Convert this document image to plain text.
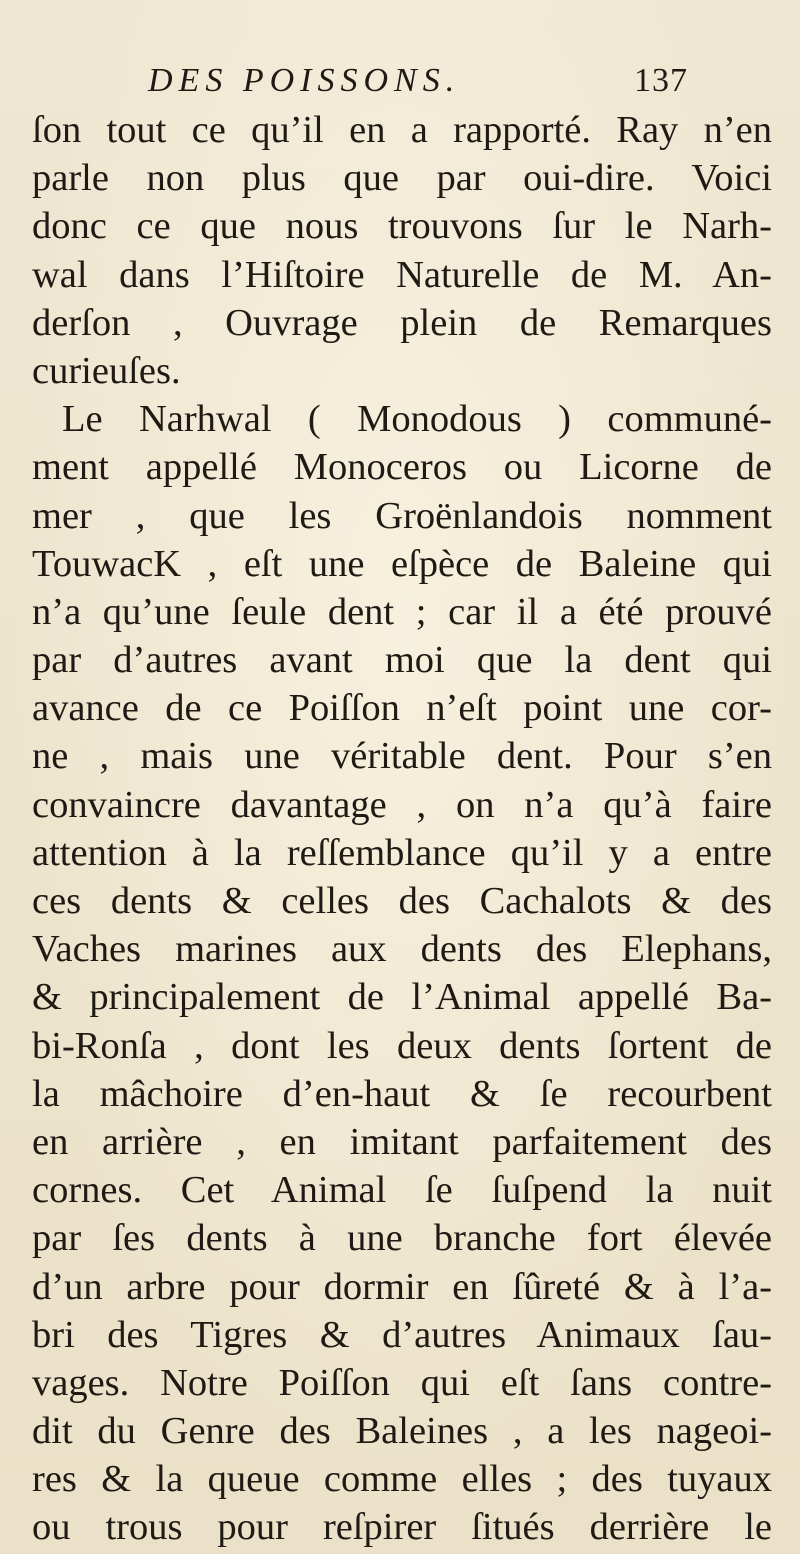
DES POISSONS.	137
ſon tout ce qu’il en a rapporté. Ray n’en
parle non plus que par oui-dire. Voici
donc ce que nous trouvons ſur le Narh-
wal dans l’Hiſtoire Naturelle de M. An-
derſon , Ouvrage plein de Remarques
curieuſes.
Le Narhwal ( Monodous ) communé-
ment appellé Monoceros ou Licorne de
mer , que les Groënlandois nomment
TouwacK , eſt une eſpèce de Baleine qui
n’a qu’une ſeule dent ; car il a été prouvé
par d’autres avant moi que la dent qui
avance de ce Poiſſon n’eſt point une cor-
ne , mais une véritable dent. Pour s’en
convaincre davantage , on n’a qu’à faire
attention à la reſſemblance qu’il y a entre
ces dents & celles des Cachalots & des
Vaches marines aux dents des Elephans,
& principalement de l’Animal appellé Ba-
bi-Ronſa , dont les deux dents ſortent de
la mâchoire d’en-haut & ſe recourbent
en arrière , en imitant parfaitement des
cornes. Cet Animal ſe ſuſpend la nuit
par ſes dents à une branche fort élevée
d’un arbre pour dormir en ſûreté & à l’a-
bri des Tigres & d’autres Animaux ſau-
vages. Notre Poiſſon qui eſt ſans contre-
dit du Genre des Baleines , a les nageoi-
res & la queue comme elles ; des tuyaux
ou trous pour reſpirer ſitués derrière le
